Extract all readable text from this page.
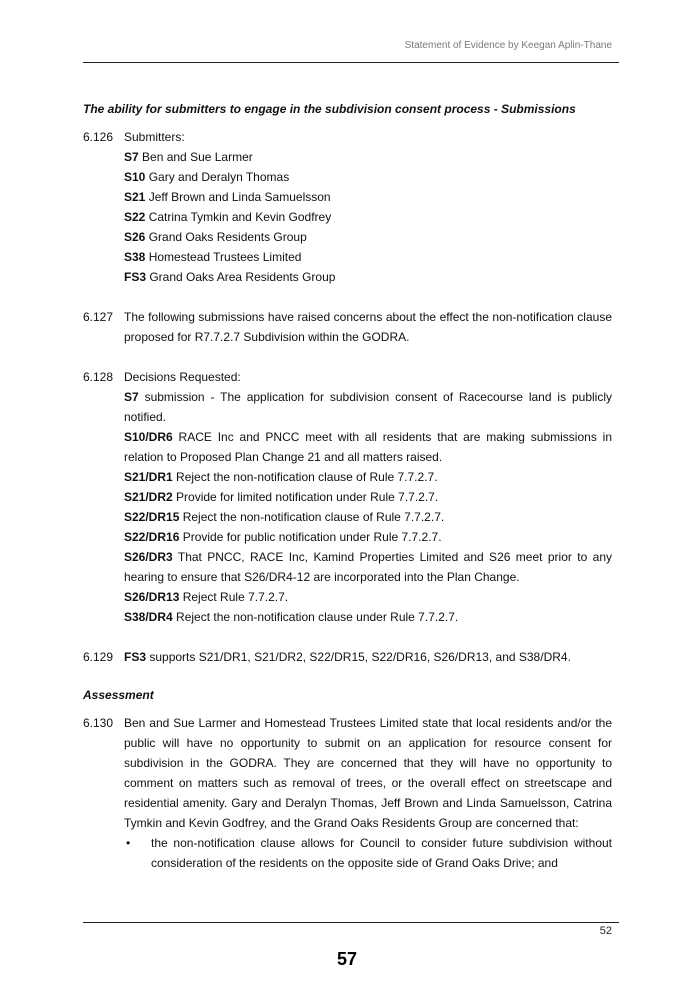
Statement of Evidence by Keegan Aplin-Thane
The ability for submitters to engage in the subdivision consent process - Submissions
6.126 Submitters:

S7 Ben and Sue Larmer

S10 Gary and Deralyn Thomas

S21 Jeff Brown and Linda Samuelsson

S22 Catrina Tymkin and Kevin Godfrey

S26 Grand Oaks Residents Group

S38 Homestead Trustees Limited

FS3 Grand Oaks Area Residents Group

6.127 The following submissions have raised concerns about the effect the non-notification clause proposed for R7.7.2.7 Subdivision within the GODRA.

6.128 Decisions Requested:

S7 submission - The application for subdivision consent of Racecourse land is publicly notified.

S10/DR6 RACE Inc and PNCC meet with all residents that are making submissions in relation to Proposed Plan Change 21 and all matters raised.

S21/DR1 Reject the non-notification clause of Rule 7.7.2.7.

S21/DR2 Provide for limited notification under Rule 7.7.2.7.

S22/DR15 Reject the non-notification clause of Rule 7.7.2.7.

S22/DR16 Provide for public notification under Rule 7.7.2.7.

S26/DR3 That PNCC, RACE Inc, Kamind Properties Limited and S26 meet prior to any hearing to ensure that S26/DR4-12 are incorporated into the Plan Change.

S26/DR13 Reject Rule 7.7.2.7.

S38/DR4 Reject the non-notification clause under Rule 7.7.2.7.

6.129 FS3 supports S21/DR1, S21/DR2, S22/DR15, S22/DR16, S26/DR13, and S38/DR4.

Assessment
6.130 Ben and Sue Larmer and Homestead Trustees Limited state that local residents and/or the public will have no opportunity to submit on an application for resource consent for subdivision in the GODRA. They are concerned that they will have no opportunity to comment on matters such as removal of trees, or the overall effect on streetscape and residential amenity. Gary and Deralyn Thomas, Jeff Brown and Linda Samuelsson, Catrina Tymkin and Kevin Godfrey, and the Grand Oaks Residents Group are concerned that:

•	the non-notification clause allows for Council to consider future subdivision without consideration of the residents on the opposite side of Grand Oaks Drive; and
52
57
